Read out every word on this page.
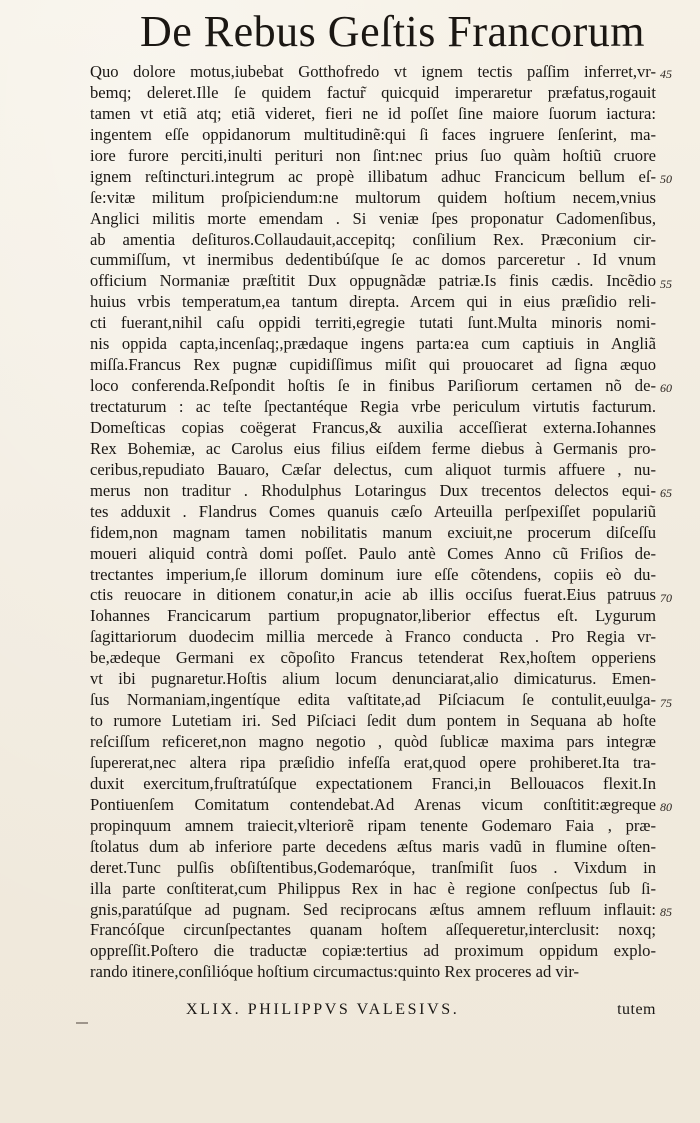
De Rebus Geſtis Francorum
Quo dolore motus,iubebat Gotthofredo vt ignem tectis paſſim inferret,vr-
bemq; deleret.Ille ſe quidem factur̃ quicquid imperaretur præfatus,rogauit
tamen vt etiã atq; etiã videret, fieri ne id poſſet ſine maiore ſuorum iactura:
ingentem eſſe oppidanorum multitudinẽ:qui ſi faces ingruere ſenſerint, ma-
iore furore perciti,inulti perituri non ſint:nec prius ſuo quàm hoſtiũ cruore
ignem reſtincturi.integrum ac propè illibatum adhuc Francicum bellum eſ-
ſe:vitæ militum proſpiciendum:ne multorum quidem hoſtium necem,vnius
Anglici militis morte emendam . Si veniæ ſpes proponatur Cadomenſibus,
ab amentia deſituros.Collaudauit,accepitq; conſilium Rex. Præconium cir-
cummiſſum, vt inermibus dedentibúſque ſe ac domos parceretur . Id vnum
officium Normaniæ præſtitit Dux oppugnãdæ patriæ.Is finis cædis. Incẽdio
huius vrbis temperatum,ea tantum direpta. Arcem qui in eius præſidio reli-
cti fuerant,nihil caſu oppidi territi,egregie tutati ſunt.Multa minoris nomi-
nis oppida capta,incenſaq;,prædaque ingens parta:ea cum captiuis in Angliã
miſſa.Francus Rex pugnæ cupidiſſimus miſit qui prouocaret ad ſigna æquo
loco conferenda.Reſpondit hoſtis ſe in finibus Pariſiorum certamen nõ de-
trectaturum : ac teſte ſpectantéque Regia vrbe periculum virtutis facturum.
Domeſticas copias coëgerat Francus,& auxilia acceſſierat externa.Iohannes
Rex Bohemiæ, ac Carolus eius filius eiſdem ferme diebus à Germanis pro-
ceribus,repudiato Bauaro, Cæſar delectus, cum aliquot turmis affuere , nu-
merus non traditur . Rhodulphus Lotaringus Dux trecentos delectos equi-
tes adduxit . Flandrus Comes quanuis cæſo Arteuilla perſpexiſſet populariũ
fidem,non magnam tamen nobilitatis manum exciuit,ne procerum diſceſſu
moueri aliquid contrà domi poſſet. Paulo antè Comes Anno cũ Friſios de-
trectantes imperium,ſe illorum dominum iure eſſe cõtendens, copiis eò du-
ctis reuocare in ditionem conatur,in acie ab illis occiſus fuerat.Eius patruus
Iohannes Francicarum partium propugnator,liberior effectus eſt. Lygurum
ſagittariorum duodecim millia mercede à Franco conducta . Pro Regia vr-
be,ædeque Germani ex cõpoſito Francus tetenderat Rex,hoſtem opperiens
vt ibi pugnaretur.Hoſtis alium locum denunciarat,alio dimicaturus. Emen-
ſus Normaniam,ingentíque edita vaſtitate,ad Piſciacum ſe contulit,euulga-
to rumore Lutetiam iri. Sed Piſciaci ſedit dum pontem in Sequana ab hoſte
reſciſſum reficeret,non magno negotio , quòd ſublicæ maxima pars integræ
ſupererat,nec altera ripa præſidio infeſſa erat,quod opere prohiberet.Ita tra-
duxit exercitum,fruſtratúſque expectationem Franci,in Bellouacos flexit.In
Pontiuenſem Comitatum contendebat.Ad Arenas vicum conſtitit:ægreque
propinquum amnem traiecit,vlteriorẽ ripam tenente Godemaro Faia , præ-
ſtolatus dum ab inferiore parte decedens æſtus maris vadũ in flumine oſten-
deret.Tunc pulſis obſiſtentibus,Godemaróque, tranſmiſit ſuos . Vixdum in
illa parte conſtiterat,cum Philippus Rex in hac è regione conſpectus ſub ſi-
gnis,paratúſque ad pugnam. Sed reciprocans æſtus amnem refluum inflauit:
Francóſque circunſpectantes quanam hoſtem aſſequeretur,interclusit: noxq;
oppreſſit.Poſtero die traductæ copiæ:tertius ad proximum oppidum explo-
rando itinere,conſilióque hoſtium circumactus:quinto Rex proceres ad vir-
45
50
55
60
65
70
75
80
85
XLIX. PHILIPPVS VALESIVS.	tutem
